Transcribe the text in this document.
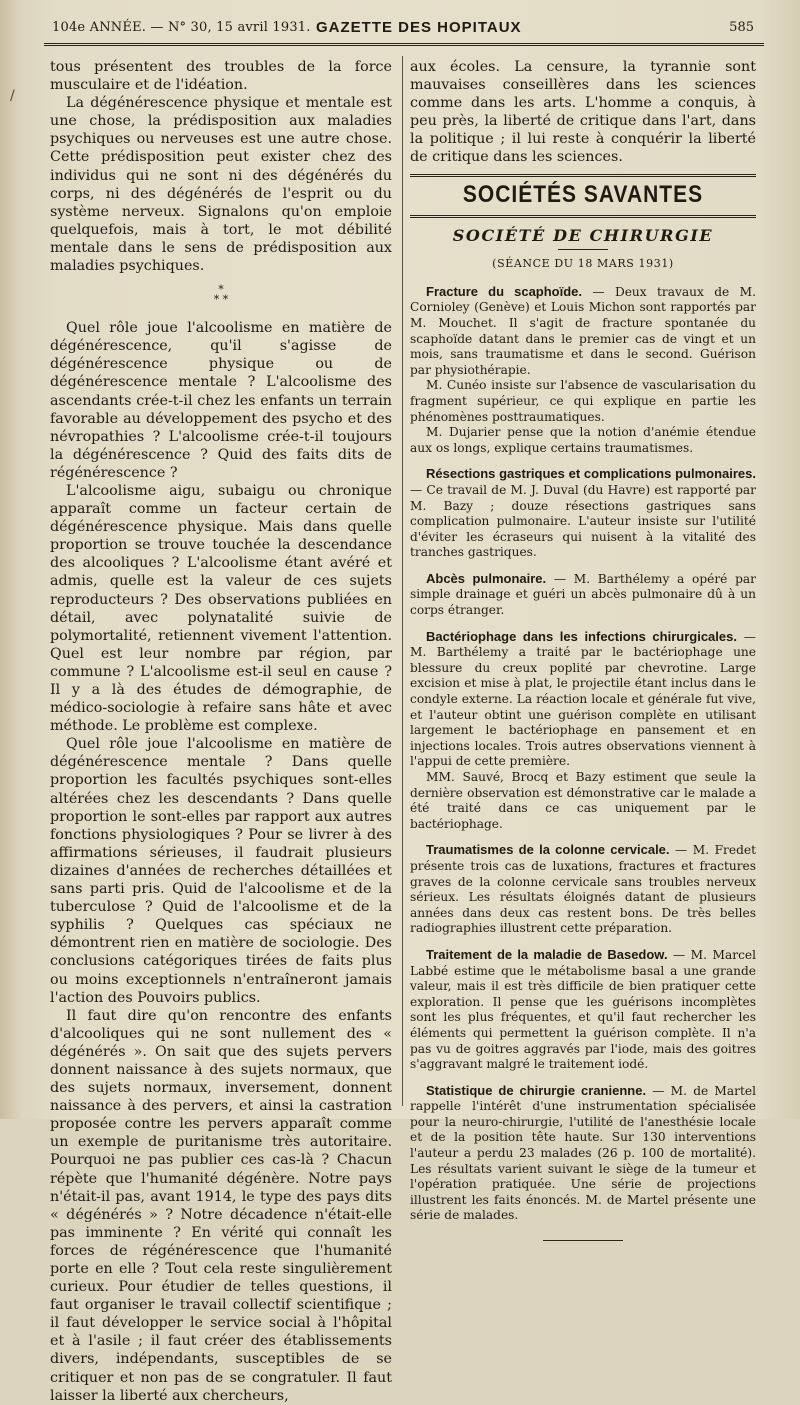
/
104e ANNÉE. — N° 30, 15 avril 1931. GAZETTE DES HOPITAUX	585

tous présentent des troubles de la force musculaire et de l'idéation.

La dégénérescence physique et mentale est une chose, la prédisposition aux maladies psychiques ou nerveuses est une autre chose. Cette prédisposition peut exister chez des individus qui ne sont ni des dégénérés du corps, ni des dégénérés de l'esprit ou du système nerveux. Signalons qu'on emploie quelquefois, mais à tort, le mot débilité mentale dans le sens de prédisposition aux maladies psychiques.

*
* *

Quel rôle joue l'alcoolisme en matière de dégénérescence, qu'il s'agisse de dégénérescence physique ou de dégénérescence mentale ? L'alcoolisme des ascendants crée-t-il chez les enfants un terrain favorable au développement des psycho et des névropathies ? L'alcoolisme crée-t-il toujours la dégénérescence ? Quid des faits dits de régénérescence ?

L'alcoolisme aigu, subaigu ou chronique apparaît comme un facteur certain de dégénérescence physique. Mais dans quelle proportion se trouve touchée la descendance des alcooliques ? L'alcoolisme étant avéré et admis, quelle est la valeur de ces sujets reproducteurs ? Des observations publiées en détail, avec polynatalité suivie de polymortalité, retiennent vivement l'attention. Quel est leur nombre par région, par commune ? L'alcoolisme est-il seul en cause ? Il y a là des études de démographie, de médico-sociologie à refaire sans hâte et avec méthode. Le problème est complexe.

Quel rôle joue l'alcoolisme en matière de dégénérescence mentale ? Dans quelle proportion les facultés psychiques sont-elles altérées chez les descendants ? Dans quelle proportion le sont-elles par rapport aux autres fonctions physiologiques ? Pour se livrer à des affirmations sérieuses, il faudrait plusieurs dizaines d'années de recherches détaillées et sans parti pris. Quid de l'alcoolisme et de la tuberculose ? Quid de l'alcoolisme et de la syphilis ? Quelques cas spéciaux ne démontrent rien en matière de sociologie. Des conclusions catégoriques tirées de faits plus ou moins exceptionnels n'entraîneront jamais l'action des Pouvoirs publics.

Il faut dire qu'on rencontre des enfants d'alcooliques qui ne sont nullement des « dégénérés ». On sait que des sujets pervers donnent naissance à des sujets normaux, que des sujets normaux, inversement, donnent naissance à des pervers, et ainsi la castration proposée contre les pervers apparaît comme un exemple de puritanisme très autoritaire. Pourquoi ne pas publier ces cas-là ? Chacun répète que l'humanité dégénère. Notre pays n'était-il pas, avant 1914, le type des pays dits « dégénérés » ? Notre décadence n'était-elle pas imminente ? En vérité qui connaît les forces de régénérescence que l'humanité porte en elle ? Tout cela reste singulièrement curieux. Pour étudier de telles questions, il faut organiser le travail collectif scientifique ; il faut développer le service social à l'hôpital et à l'asile ; il faut créer des établissements divers, indépendants, susceptibles de se critiquer et non pas de se congratuler. Il faut laisser la liberté aux chercheurs,

aux écoles. La censure, la tyrannie sont mauvaises conseillères dans les sciences comme dans les arts. L'homme a conquis, à peu près, la liberté de critique dans l'art, dans la politique ; il lui reste à conquérir la liberté de critique dans les sciences.

SOCIÉTÉS SAVANTES
SOCIÉTÉ DE CHIRURGIE
(SÉANCE DU 18 MARS 1931)

Fracture du scaphoïde. — Deux travaux de M. Cornioley (Genève) et Louis Michon sont rapportés par M. Mouchet. Il s'agit de fracture spontanée du scaphoïde datant dans le premier cas de vingt et un mois, sans traumatisme et dans le second. Guérison par physiothérapie.

M. Cunéo insiste sur l'absence de vascularisation du fragment supérieur, ce qui explique en partie les phénomènes posttraumatiques.

M. Dujarier pense que la notion d'anémie étendue aux os longs, explique certains traumatismes.

Résections gastriques et complications pulmonaires. — Ce travail de M. J. Duval (du Havre) est rapporté par M. Bazy ; douze résections gastriques sans complication pulmonaire. L'auteur insiste sur l'utilité d'éviter les écraseurs qui nuisent à la vitalité des tranches gastriques.

Abcès pulmonaire. — M. Barthélemy a opéré par simple drainage et guéri un abcès pulmonaire dû à un corps étranger.

Bactériophage dans les infections chirurgicales. — M. Barthélemy a traité par le bactériophage une blessure du creux poplité par chevrotine. Large excision et mise à plat, le projectile étant inclus dans le condyle externe. La réaction locale et générale fut vive, et l'auteur obtint une guérison complète en utilisant largement le bactériophage en pansement et en injections locales. Trois autres observations viennent à l'appui de cette première.

MM. Sauvé, Brocq et Bazy estiment que seule la dernière observation est démonstrative car le malade a été traité dans ce cas uniquement par le bactériophage.

Traumatismes de la colonne cervicale. — M. Fredet présente trois cas de luxations, fractures et fractures graves de la colonne cervicale sans troubles nerveux sérieux. Les résultats éloignés datant de plusieurs années dans deux cas restent bons. De très belles radiographies illustrent cette préparation.

Traitement de la maladie de Basedow. — M. Marcel Labbé estime que le métabolisme basal a une grande valeur, mais il est très difficile de bien pratiquer cette exploration. Il pense que les guérisons incomplètes sont les plus fréquentes, et qu'il faut rechercher les éléments qui permettent la guérison complète. Il n'a pas vu de goitres aggravés par l'iode, mais des goitres s'aggravant malgré le traitement iodé.

Statistique de chirurgie cranienne. — M. de Martel rappelle l'intérêt d'une instrumentation spécialisée pour la neuro-chirurgie, l'utilité de l'anesthésie locale et de la position tête haute. Sur 130 interventions l'auteur a perdu 23 malades (26 p. 100 de mortalité). Les résultats varient suivant le siège de la tumeur et l'opération pratiquée. Une série de projections illustrent les faits énoncés. M. de Martel présente une série de malades.
